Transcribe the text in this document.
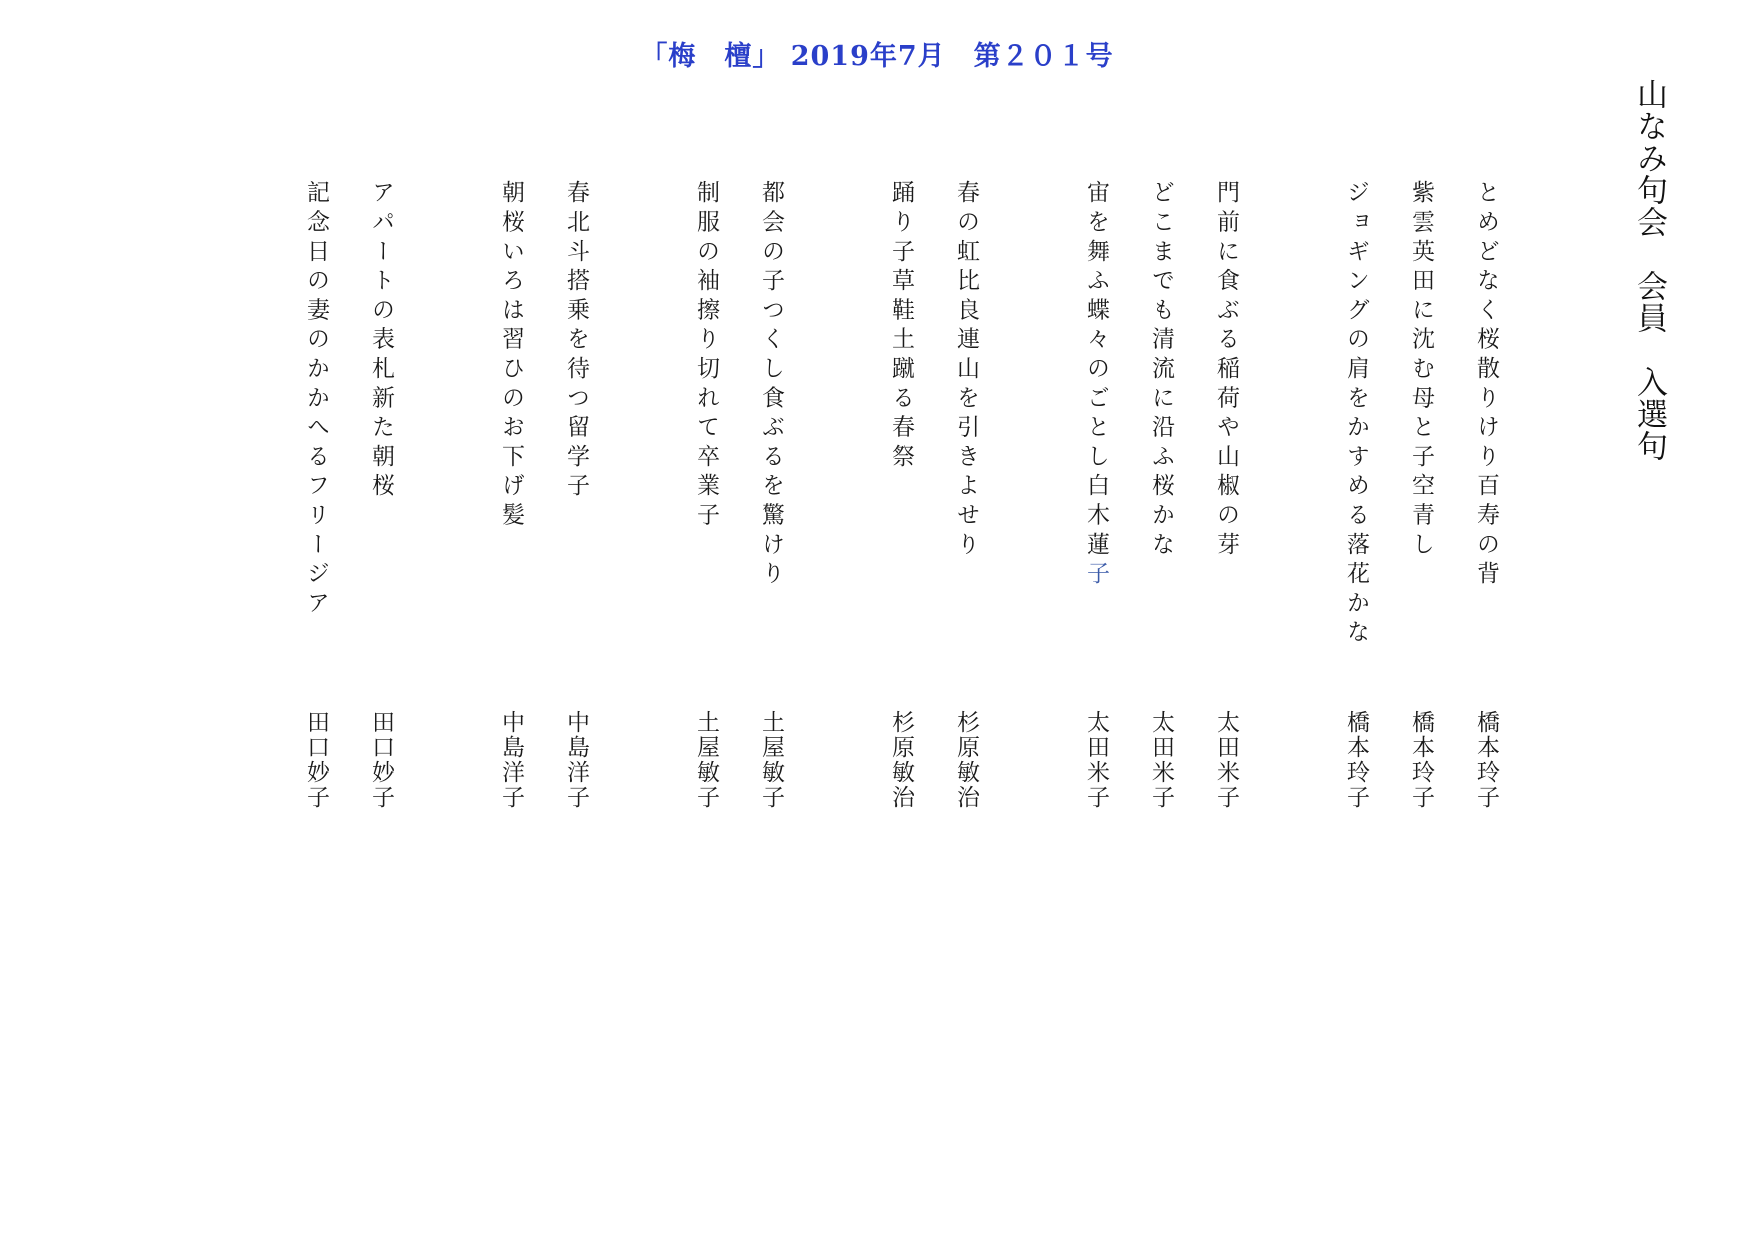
「梅　檀」 2019年7月　第２０１号
山なみ句会　会員　入選句
とめどなく桜散りけり百寿の背
橋本玲子
紫雲英田に沈む母と子空青し
橋本玲子
ジョギングの肩をかすめる落花かな
橋本玲子
門前に食ぶる稲荷や山椒の芽
太田米子
どこまでも清流に沿ふ桜かな
太田米子
宙を舞ふ蝶々のごとし白木蓮子
太田米子
春の虹比良連山を引きよせり
杉原敏治
踊り子草鞋土蹴る春祭
杉原敏治
都会の子つくし食ぶるを驚けり
土屋敏子
制服の袖擦り切れて卒業子
土屋敏子
春北斗搭乗を待つ留学子
中島洋子
朝桜いろは習ひのお下げ髪
中島洋子
アパートの表札新た朝桜
田口妙子
記念日の妻のかかへるフリージア
田口妙子
